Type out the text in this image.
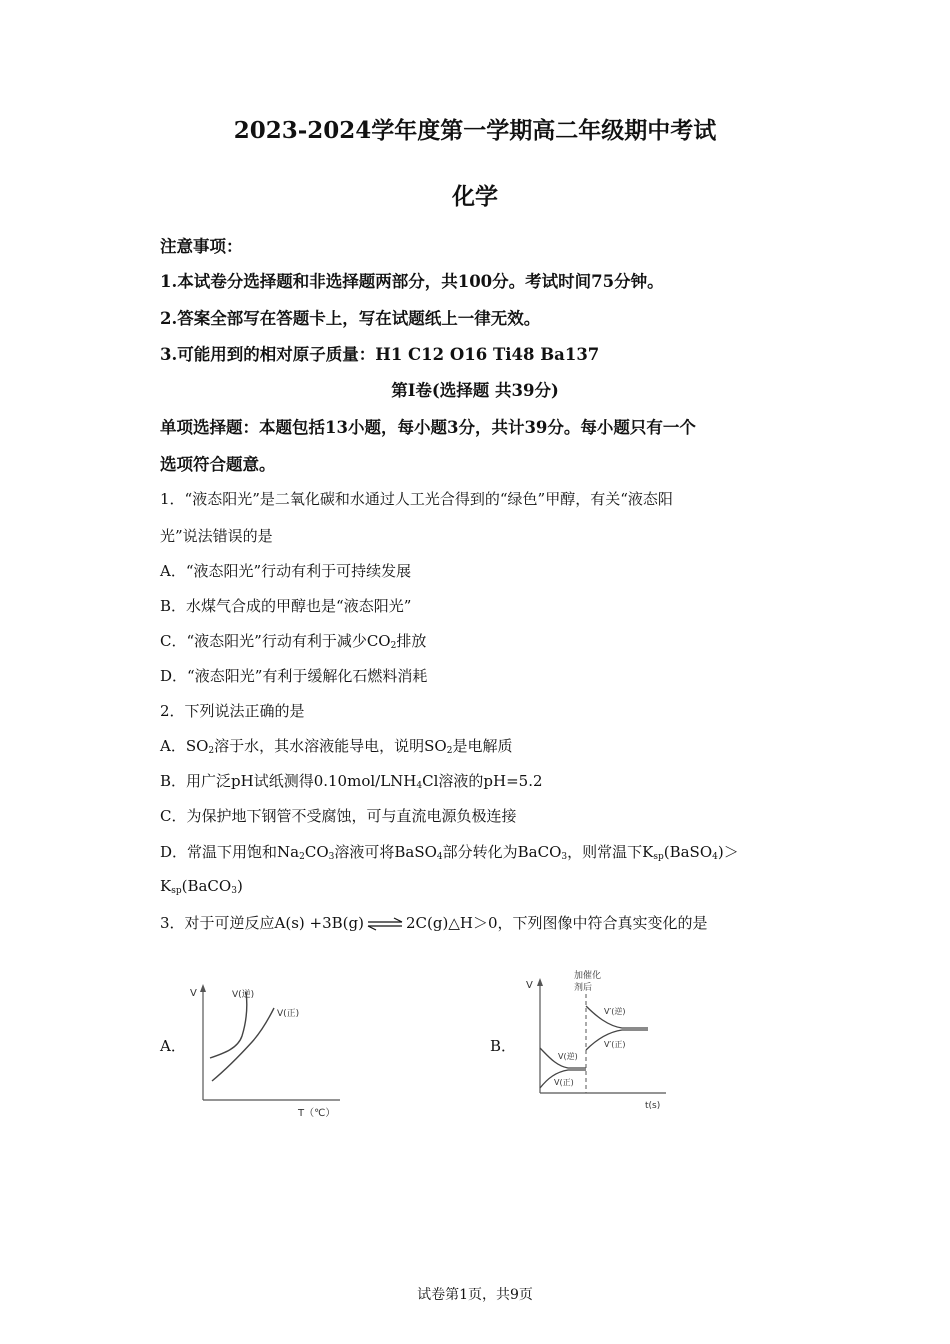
2023-2024学年度第一学期高二年级期中考试
化学
注意事项：
1.本试卷分选择题和非选择题两部分，共100分。考试时间75分钟。
2.答案全部写在答题卡上，写在试题纸上一律无效。
3.可能用到的相对原子质量：H1 C12 O16 Ti48 Ba137
第I卷(选择题 共39分)
单项选择题：本题包括13小题，每小题3分，共计39分。每小题只有一个
选项符合题意。
1．“液态阳光”是二氧化碳和水通过人工光合得到的“绿色”甲醇，有关“液态阳
光”说法错误的是
A．“液态阳光”行动有利于可持续发展
B．水煤气合成的甲醇也是“液态阳光”
C．“液态阳光”行动有利于减少$CO_2$排放
D．“液态阳光”有利于缓解化石燃料消耗
2．下列说法正确的是
A．$SO_2$溶于水，其水溶液能导电，说明$SO_2$是电解质
B．用广泛pH试纸测得$0.10mol/LNH_4Cl$溶液的pH=5.2
C．为保护地下钢管不受腐蚀，可与直流电源负极连接
D．常温下用饱和$Na_2CO_3$溶液可将BaSO$_4$部分转化为BaCO$_3$，则常温下$K_{sp}(BaSO_4)>$
$K_{sp}(BaCO_3)$
3．对于可逆反应A(s) +3B(g) ⇌ 2C(g)△H＞0，下列图像中符合真实变化的是
A．	B．
V
T（℃）
V(逆)
V(正)
V
t(s)
加催化
剂后
V(逆)
V(正)
V′(逆)
V′(正)
试卷第1页，共9页
